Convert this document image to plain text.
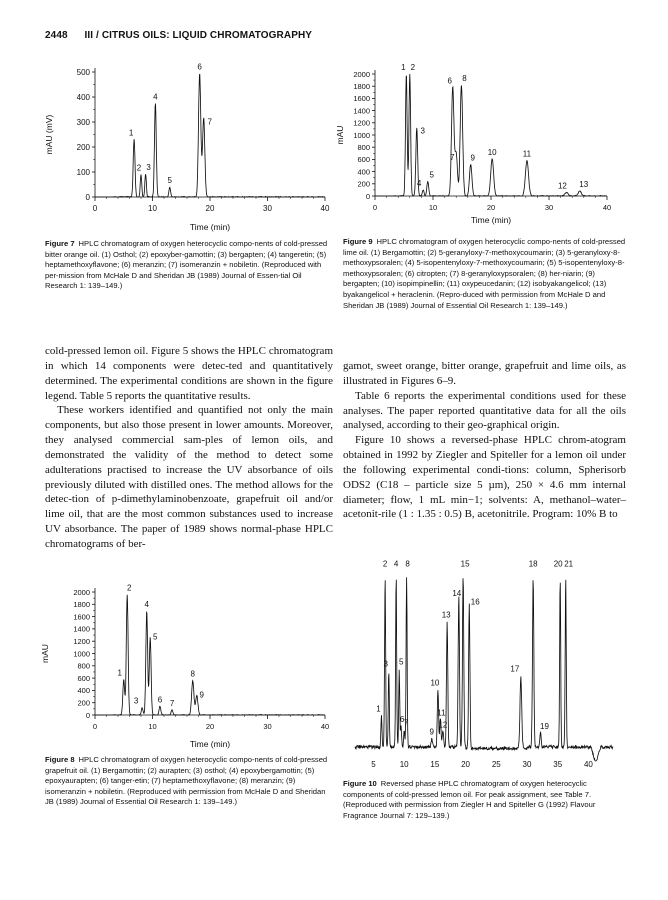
2448 III / CITRUS OILS: LIQUID CHROMATOGRAPHY
0
100
200
300
400
500
0	10	20	30	40
Time (min)
mAU (mV)	1
2 3
4
5
6
7
Figure 7 HPLC chromatogram of oxygen heterocyclic compo-nents of cold-pressed bitter orange oil. (1) Osthol; (2) epoxyber-gamottin; (3) bergapten; (4) tangeretin; (5) heptamethoxyflavone; (6) meranzin; (7) isomeranzin + nobiletin. (Reproduced with per-mission from McHale D and Sheridan JB (1989) Journal of Essen-tial Oil Research 1: 139–149.)
0
200
400
600
800
1000
1200
1400
1600
1800
2000
0	10	20	30	40
Time (min)
mAU
1 2
3
4
5
6
7
8
9
10	11
12 13
Figure 9 HPLC chromatogram of oxygen heterocyclic compo-nents of cold-pressed lime oil. (1) Bergamottin; (2) 5-geranyloxy-7-methoxycoumarin; (3) 5-geranyloxy-8-methoxypsoralen; (4) 5-isopentenyloxy-7-methoxycoumarin; (5) 5-isopentenyloxy-8-methoxypsoralen; (6) citropten; (7) 8-geranyloxypsoralen; (8) her-niarin; (9) bergapten; (10) isopimpinellin; (11) oxypeucedanin; (12) isobyakangelicol; (13) byakangelicol + heraclenin. (Repro-duced with permission from McHale D and Sheridan JB (1989) Journal of Essential Oil Research 1: 139–149.)

cold-pressed lemon oil. Figure 5 shows the HPLC chromatogram in which 14 components were detec-ted and quantitatively determined. The experimental conditions are shown in the figure legend. Table 5 reports the quantitative results.

These workers identified and quantified not only the main components, but also those present in lower amounts. Moreover, they analysed commercial sam-ples of lemon oils, and demonstrated the validity of the method to detect some adulterations practised to increase the UV absorbance of oils previously diluted with distilled ones. The method allows for the detec-tion of p-dimethylaminobenzoate, grapefruit oil and/or lime oil, that are the most common substances used to increase UV absorbance. The paper of 1989 shows normal-phase HPLC chromatograms of ber-

gamot, sweet orange, bitter orange, grapefruit and lime oils, as illustrated in Figures 6–9.

Table 6 reports the experimental conditions used for these analyses. The paper reported quantitative data for all the oils analysed, according to their geo-graphical origin.

Figure 10 shows a reversed-phase HPLC chrom-atogram obtained in 1992 by Ziegler and Spiteller for a lemon oil under the following experimental condi-tions: column, Spherisorb ODS2 (C18 – particle size 5 µm), 250 × 4.6 mm internal diameter; flow, 1 mL min−1; solvents: A, methanol–water–acetonit-rile (1 : 1.35 : 0.5) B, acetonitrile. Program: 10% B to

0
200
400
600
800
1000
1200
1400
1600
1800
2000
0	10	20	30	40
Time (min)
mAU
1
2
3
4
5
6 7
8
9
Figure 8 HPLC chromatogram of oxygen heterocyclic compo-nents of cold-pressed grapefruit oil. (1) Bergamottin; (2) aurapten; (3) osthol; (4) epoxybergamottin; (5) epoxyaurapten; (6) tanger-etin; (7) heptamethoxyflavone; (8) meranzin; (9) isomeranzin + nobiletin. (Reproduced with permission from McHale D and Sheridan JB (1989) Journal of Essential Oil Research 1: 139–149.)
5	10	15	20	25	30	35	40
1
2
3
4
5
6 7
8
9
10
11
12
13
14
15
16
17
18
19
20 21
Figure 10 Reversed phase HPLC chromatogram of oxygen heterocyclic components of cold-pressed lemon oil. For peak assignment, see Table 7. (Reproduced with permission from Ziegler H and Spiteller G (1992) Flavour Fragrance Journal 7: 129–139.)
